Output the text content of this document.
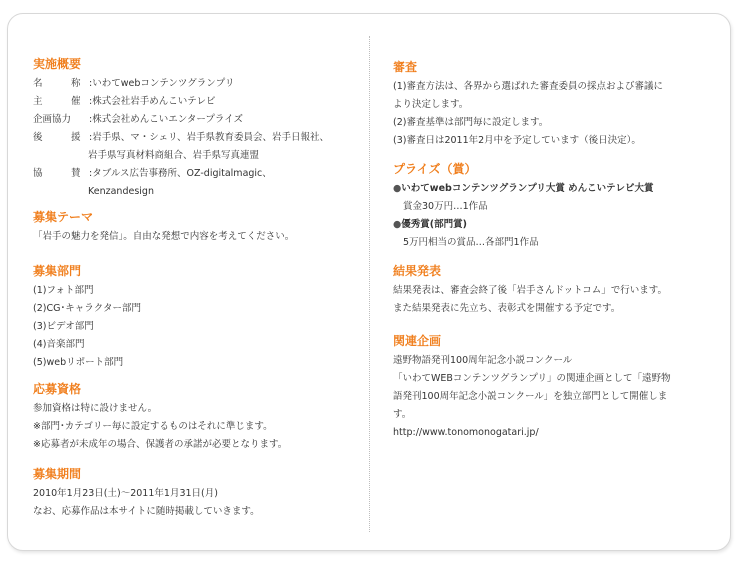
実施概要
名　　　称 : いわてwebコンテンツグランプリ
主　　　催 : 株式会社岩手めんこいテレビ
企画協力	: 株式会社めんこいエンタープライズ
後　　　援 : 岩手県、マ・シェリ、岩手県教育委員会、岩手日報社、
岩手県写真材料商組合、岩手県写真連盟
協　　　賛 : タブルス広告事務所、OZ-digitalmagic、
Kenzandesign
募集テーマ
「岩手の魅力を発信」。自由な発想で内容を考えてください。
募集部門
(1)フォト部門
(2)CG･キャラクター部門
(3)ビデオ部門
(4)音楽部門
(5)webリポート部門
応募資格
参加資格は特に設けません。
※部門･カテゴリー毎に設定するものはそれに準じます。
※応募者が未成年の場合、保護者の承諾が必要となります。
募集期間
2010年1月23日(土)〜2011年1月31日(月)
なお、応募作品は本サイトに随時掲載していきます。
審査
(1)審査方法は、各界から選ばれた審査委員の採点および審議に
より決定します。
(2)審査基準は部門毎に設定します。
(3)審査日は2011年2月中を予定しています（後日決定）。
プライズ（賞）
●いわてwebコンテンツグランプリ大賞 めんこいテレビ大賞
賞金30万円…1作品
●優秀賞(部門賞)
5万円相当の賞品…各部門1作品
結果発表
結果発表は、審査会終了後「岩手さんドットコム」で行います。
また結果発表に先立ち、表彰式を開催する予定です。
関連企画
遠野物語発刊100周年記念小説コンクール
「いわてWEBコンテンツグランプリ」の関連企画として「遠野物
語発刊100周年記念小説コンクール」を独立部門として開催しま
す。
http://www.tonomonogatari.jp/
